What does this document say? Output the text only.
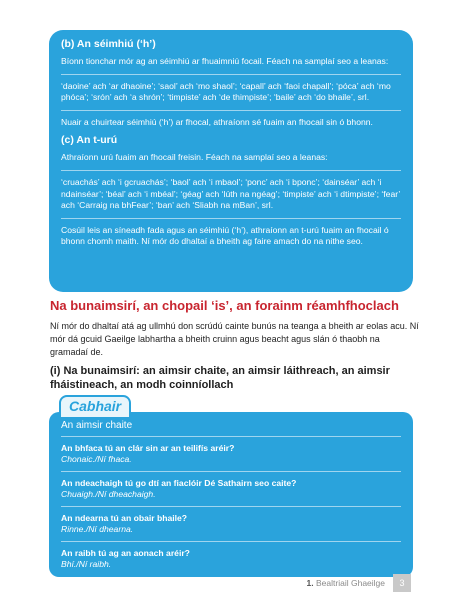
(b) An séimhiú (‘h’)

Bíonn tionchar mór ag an séimhiú ar fhuaimniú focail. Féach na samplaí seo a leanas:

‘daoine’ ach ‘ar dhaoine’; ‘saol’ ach ‘mo shaol’; ‘capall’ ach ‘faoi chapall’; ‘póca’ ach ‘mo phóca’; ‘srón’ ach ‘a shrón’; ‘timpiste’ ach ‘de thimpiste’; ‘baile’ ach ‘do bhaile’, srl.

Nuair a chuirtear séimhiú (‘h’) ar fhocal, athraíonn sé fuaim an fhocail sin ó bhonn.

(c) An t-urú

Athraíonn urú fuaim an fhocail freisin. Féach na samplaí seo a leanas:

‘cruachás’ ach ‘i gcruachás’; ‘baol’ ach ‘i mbaol’; ‘ponc’ ach ‘i bponc’; ‘dainséar’ ach ‘i ndainséar’; ‘béal’ ach ‘i mbéal’; ‘géag’ ach ‘lúth na ngéag’; ‘timpiste’ ach ‘i dtimpiste’; ‘fear’ ach ‘Carraig na bhFear’; ‘ban’ ach ‘Sliabh na mBan’, srl.

Cosúil leis an síneadh fada agus an séimhiú (‘h’), athraíonn an t-urú fuaim an fhocail ó bhonn chomh maith. Ní mór do dhaltaí a bheith ag faire amach do na nithe seo.

Na bunaimsirí, an chopail ‘is’, an forainm réamhfhoclach
Ní mór do dhaltaí atá ag ullmhú don scrúdú cainte bunús na teanga a bheith ar eolas acu. Ní mór dá gcuid Gaeilge labhartha a bheith cruinn agus beacht agus slán ó thaobh na gramadaí de.
(i) Na bunaimsirí: an aimsir chaite, an aimsir láithreach, an aimsir fháistineach, an modh coinníollach

An aimsir chaite

An bhfaca tú an clár sin ar an teilifís aréir?

Chonaic./Ní fhaca.

An ndeachaigh tú go dtí an fiaclóir Dé Sathairn seo caite?

Chuaigh./Ní dheachaigh.

An ndearna tú an obair bhaile?

Rinne./Ní dhearna.

An raibh tú ag an aonach aréir?

Bhí./Ní raibh.

Cabhair
1. Bealtriail Ghaeilge	3
